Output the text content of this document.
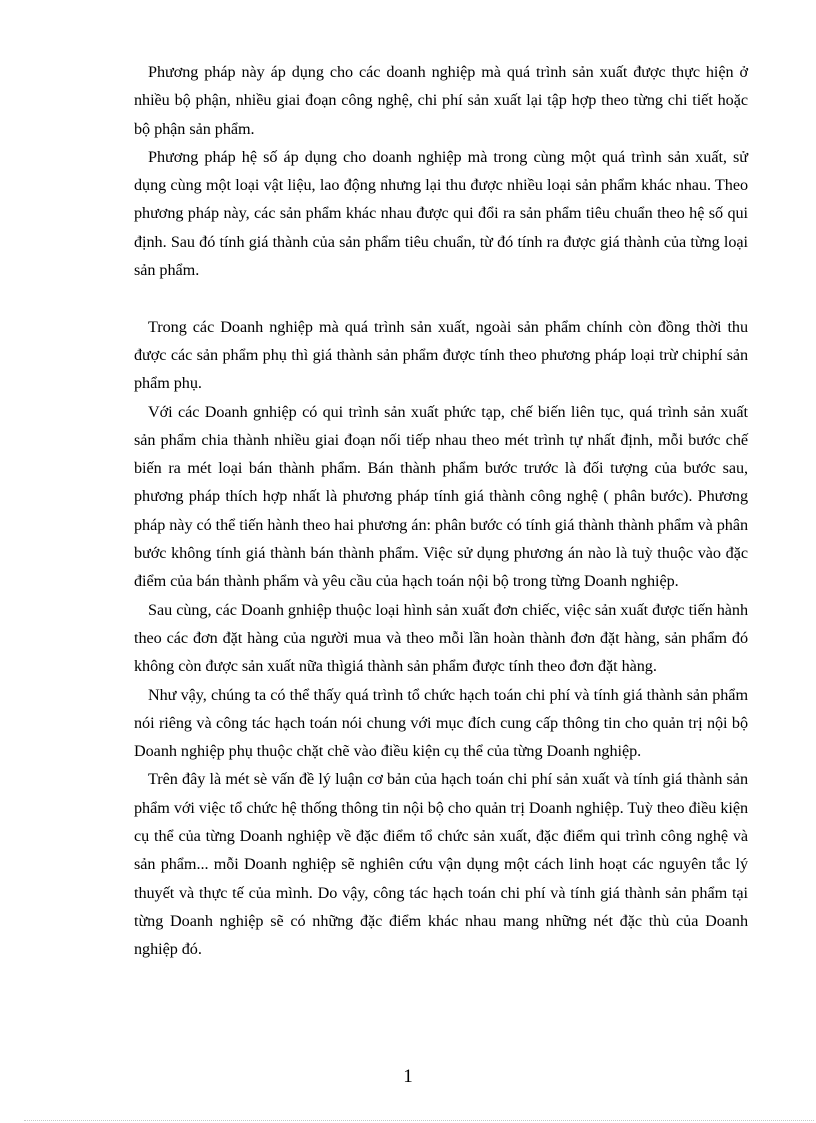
Phương pháp này áp dụng cho các doanh nghiệp mà quá trình sản xuất được thực hiện ở nhiều bộ phận, nhiều giai đoạn công nghệ, chi phí sản xuất lại tập hợp theo từng chi tiết hoặc bộ phận sản phẩm.

Phương pháp hệ số áp dụng cho doanh nghiệp mà trong cùng một quá trình sản xuất, sử dụng cùng một loại vật liệu, lao động nhưng lại thu được nhiều loại sản phẩm khác nhau. Theo phương pháp này, các sản phẩm khác nhau được qui đổi ra sản phẩm tiêu chuẩn theo hệ số qui định. Sau đó tính giá thành của sản phẩm tiêu chuẩn, từ đó tính ra được giá thành của từng loại sản phẩm.

Trong các Doanh nghiệp mà quá trình sản xuất, ngoài sản phẩm chính còn đồng thời thu được các sản phẩm phụ thì giá thành sản phẩm được tính theo phương pháp loại trừ chiphí sản phẩm phụ.

Với các Doanh gnhiệp có qui trình sản xuất phức tạp, chế biến liên tục, quá trình sản xuất sản phẩm chia thành nhiều giai đoạn nối tiếp nhau theo mét trình tự nhất định, mỗi bước chế biến ra mét loại bán thành phẩm. Bán thành phẩm bước trước là đối tượng của bước sau, phương pháp thích hợp nhất là phương pháp tính giá thành công nghệ ( phân bước). Phương pháp này có thể tiến hành theo hai phương án: phân bước có tính giá thành thành phẩm và phân bước không tính giá thành bán thành phẩm. Việc sử dụng phương án nào là tuỳ thuộc vào đặc điểm của bán thành phẩm và yêu cầu của hạch toán nội bộ trong từng Doanh nghiệp.

Sau cùng, các Doanh gnhiệp thuộc loại hình sản xuất đơn chiếc, việc sản xuất được tiến hành theo các đơn đặt hàng của người mua và theo mỗi lần hoàn thành đơn đặt hàng, sản phẩm đó không còn được sản xuất nữa thìgiá thành sản phẩm được tính theo đơn đặt hàng.

Như vậy, chúng ta có thể thấy quá trình tổ chức hạch toán chi phí và tính giá thành sản phẩm nói riêng và công tác hạch toán nói chung với mục đích cung cấp thông tin cho quản trị nội bộ Doanh nghiệp phụ thuộc chặt chẽ vào điều kiện cụ thể của từng Doanh nghiệp.

Trên đây là mét sè vấn đề lý luận cơ bản của hạch toán chi phí sản xuất và tính giá thành sản phẩm với việc tổ chức hệ thống thông tin nội bộ cho quản trị Doanh nghiệp. Tuỳ theo điều kiện cụ thể của từng Doanh nghiệp về đặc điểm tổ chức sản xuất, đặc điểm qui trình công nghệ và sản phẩm... mỗi Doanh nghiệp sẽ nghiên cứu vận dụng một cách linh hoạt các nguyên tắc lý thuyết và thực tế của mình. Do vậy, công tác hạch toán chi phí và tính giá thành sản phẩm tại từng Doanh nghiệp sẽ có những đặc điểm khác nhau mang những nét đặc thù của Doanh nghiệp đó.

1
